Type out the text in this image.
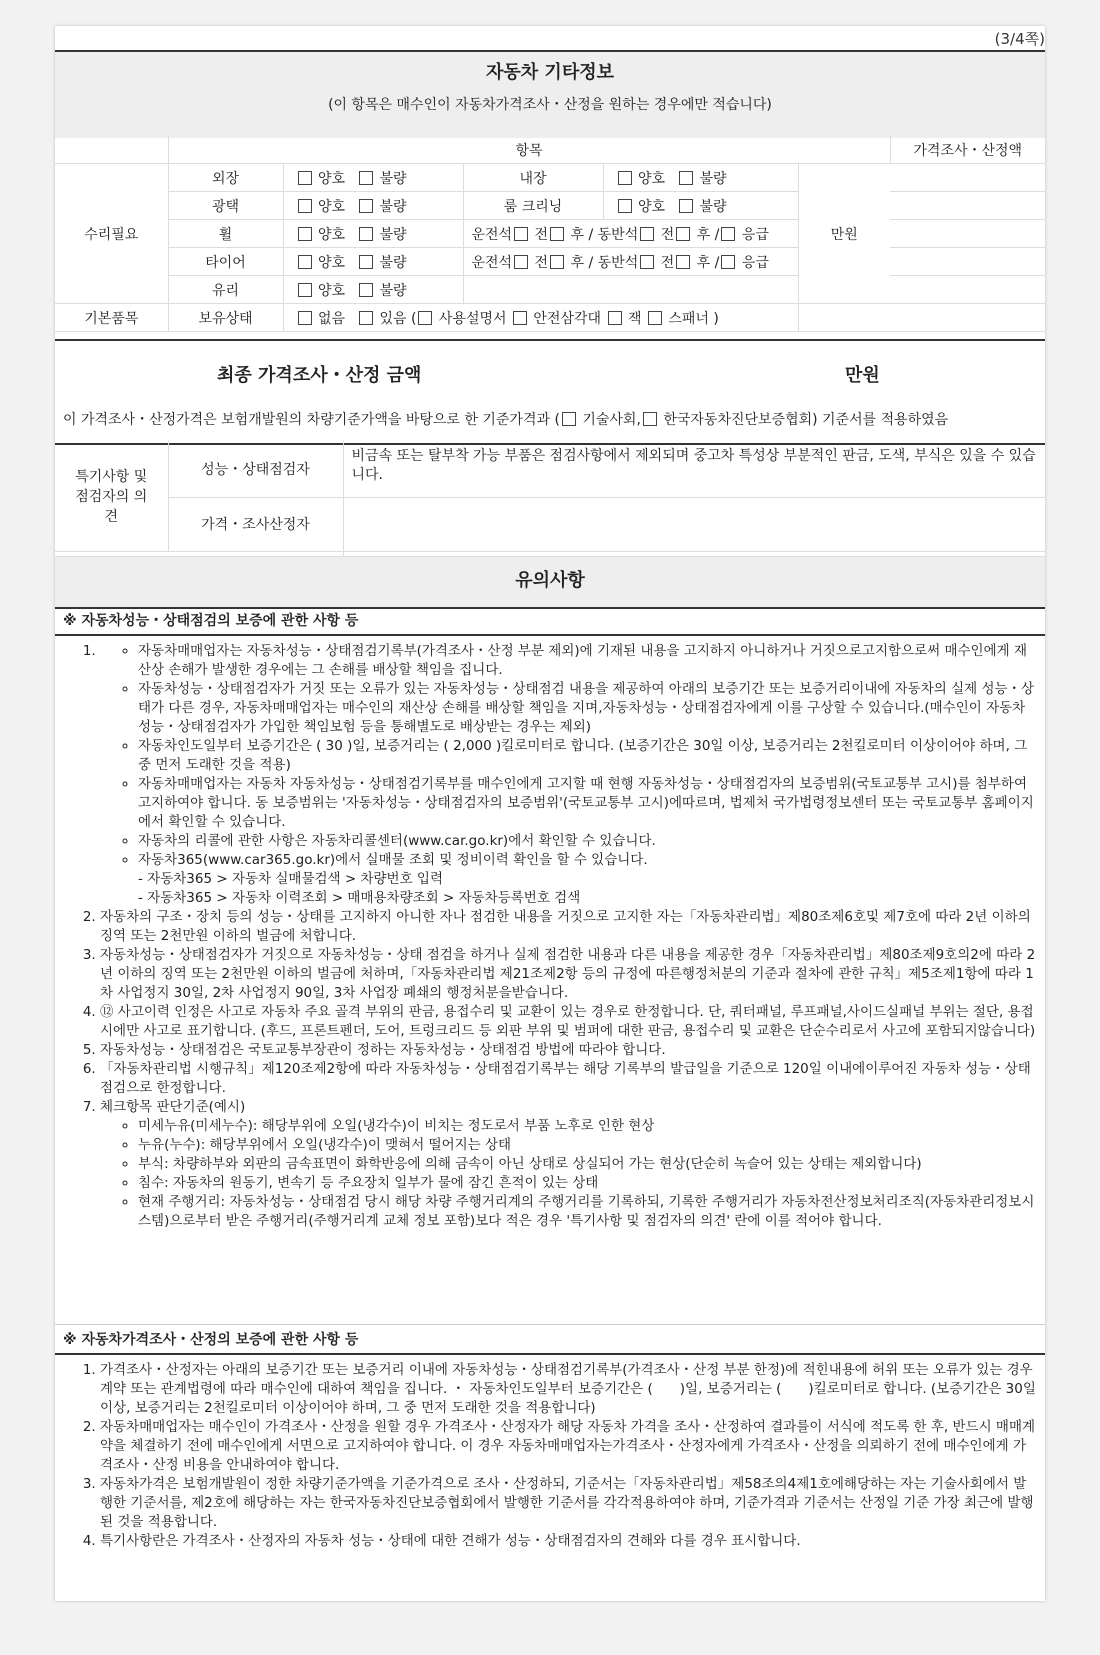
(3/4쪽)
자동차 기타정보
(이 항목은 매수인이 자동차가격조사・산정을 원하는 경우에만 적습니다)
	항목					가격조사・산정액
수리필요	외장	양호 불량	내장	양호 불량	만원	
	광택	양호 불량	룸 크리닝	양호 불량		
	휠	양호 불량	운전석 전 후 / 동반석 전 후 / 응급			
	타이어	양호 불량	운전석 전 후 / 동반석 전 후 / 응급			
	유리	양호 불량				
기본품목	보유상태	없음 있음 ( 사용설명서 안전삼각대 잭 스패너 )				
최종 가격조사・산정 금액	만원
이 가격조사・산정가격은 보험개발원의 차량기준가액을 바탕으로 한 기준가격과 ( 기술사회, 한국자동차진단보증협회) 기준서를 적용하였음
특기사항 및 점검자의 의견	성능・상태점검자	비금속 또는 탈부착 가능 부품은 점검사항에서 제외되며 중고차 특성상 부분적인 판금, 도색, 부식은 있을 수 있습니다.
	가격・조사산정자	

유의사항
※ 자동차성능・상태점검의 보증에 관한 사항 등
◦ 1. 자동차매매업자는 자동차성능・상태점검기록부(가격조사・산정 부분 제외)에 기재된 내용을 고지하지 아니하거나 거짓으로고지함으로써 매수인에게 재산상 손해가 발생한 경우에는 그 손해를 배상할 책임을 집니다.
◦ 자동차성능・상태점검자가 거짓 또는 오류가 있는 자동차성능・상태점검 내용을 제공하여 아래의 보증기간 또는 보증거리이내에 자동차의 실제 성능・상태가 다른 경우, 자동차매매업자는 매수인의 재산상 손해를 배상할 책임을 지며,자동차성능・상태점검자에게 이를 구상할 수 있습니다.(매수인이 자동차성능・상태점검자가 가입한 책임보험 등을 통해별도로 배상받는 경우는 제외)
◦ 자동차인도일부터 보증기간은 ( 30 )일, 보증거리는 ( 2,000 )킬로미터로 합니다. (보증기간은 30일 이상, 보증거리는 2천킬로미터 이상이어야 하며, 그 중 먼저 도래한 것을 적용)
◦ 자동차매매업자는 자동차 자동차성능・상태점검기록부를 매수인에게 고지할 때 현행 자동차성능・상태점검자의 보증범위(국토교통부 고시)를 첨부하여 고지하여야 합니다. 동 보증범위는 '자동차성능・상태점검자의 보증범위'(국토교통부 고시)에따르며, 법제처 국가법령정보센터 또는 국토교통부 홈페이지에서 확인할 수 있습니다.
◦ 자동차의 리콜에 관한 사항은 자동차리콜센터(www.car.go.kr)에서 확인할 수 있습니다.
◦ 자동차365(www.car365.go.kr)에서 실매물 조회 및 정비이력 확인을 할 수 있습니다.
- 자동차365 > 자동차 실매물검색 > 차량번호 입력
- 자동차365 > 자동차 이력조회 > 매매용차량조회 > 자동차등록번호 검색
2. 자동차의 구조・장치 등의 성능・상태를 고지하지 아니한 자나 점검한 내용을 거짓으로 고지한 자는「자동차관리법」제80조제6호및 제7호에 따라 2년 이하의 징역 또는 2천만원 이하의 벌금에 처합니다.
3. 자동차성능・상태점검자가 거짓으로 자동차성능・상태 점검을 하거나 실제 점검한 내용과 다른 내용을 제공한 경우「자동차관리법」제80조제9호의2에 따라 2년 이하의 징역 또는 2천만원 이하의 벌금에 처하며,「자동차관리법 제21조제2항 등의 규정에 따른행정처분의 기준과 절차에 관한 규칙」제5조제1항에 따라 1차 사업정지 30일, 2차 사업정지 90일, 3차 사업장 폐쇄의 행정처분을받습니다.
4. ⑫ 사고이력 인정은 사고로 자동차 주요 골격 부위의 판금, 용접수리 및 교환이 있는 경우로 한정합니다. 단, 쿼터패널, 루프패널,사이드실패널 부위는 절단, 용접 시에만 사고로 표기합니다. (후드, 프론트펜더, 도어, 트렁크리드 등 외판 부위 및 범퍼에 대한 판금, 용접수리 및 교환은 단순수리로서 사고에 포함되지않습니다)
5. 자동차성능・상태점검은 국토교통부장관이 정하는 자동차성능・상태점검 방법에 따라야 합니다.
6. 「자동차관리법 시행규칙」제120조제2항에 따라 자동차성능・상태점검기록부는 해당 기록부의 발급일을 기준으로 120일 이내에이루어진 자동차 성능・상태점검으로 한정합니다.
7. 체크항목 판단기준(예시)
◦ 미세누유(미세누수): 해당부위에 오일(냉각수)이 비치는 정도로서 부품 노후로 인한 현상
◦ 누유(누수): 해당부위에서 오일(냉각수)이 맺혀서 떨어지는 상태
◦ 부식: 차량하부와 외판의 금속표면이 화학반응에 의해 금속이 아닌 상태로 상실되어 가는 현상(단순히 녹슬어 있는 상태는 제외합니다)
◦ 침수: 자동차의 원동기, 변속기 등 주요장치 일부가 물에 잠긴 흔적이 있는 상태
◦ 현재 주행거리: 자동차성능・상태점검 당시 해당 차량 주행거리계의 주행거리를 기록하되, 기록한 주행거리가 자동차전산정보처리조직(자동차관리정보시스템)으로부터 받은 주행거리(주행거리계 교체 정보 포함)보다 적은 경우 '특기사항 및 점검자의 의견' 란에 이를 적어야 합니다.
※ 자동차가격조사・산정의 보증에 관한 사항 등
1. 가격조사・산정자는 아래의 보증기간 또는 보증거리 이내에 자동차성능・상태점검기록부(가격조사・산정 부분 한정)에 적힌내용에 허위 또는 오류가 있는 경우 계약 또는 관계법령에 따라 매수인에 대하여 책임을 집니다. ・ 자동차인도일부터 보증기간은 (　　)일, 보증거리는 (　　)킬로미터로 합니다. (보증기간은 30일 이상, 보증거리는 2천킬로미터 이상이어야 하며, 그 중 먼저 도래한 것을 적용합니다)
2. 자동차매매업자는 매수인이 가격조사・산정을 원할 경우 가격조사・산정자가 해당 자동차 가격을 조사・산정하여 결과를이 서식에 적도록 한 후, 반드시 매매계약을 체결하기 전에 매수인에게 서면으로 고지하여야 합니다. 이 경우 자동차매매업자는가격조사・산정자에게 가격조사・산정을 의뢰하기 전에 매수인에게 가격조사・산정 비용을 안내하여야 합니다.
3. 자동차가격은 보험개발원이 정한 차량기준가액을 기준가격으로 조사・산정하되, 기준서는「자동차관리법」제58조의4제1호에해당하는 자는 기술사회에서 발행한 기준서를, 제2호에 해당하는 자는 한국자동차진단보증협회에서 발행한 기준서를 각각적용하여야 하며, 기준가격과 기준서는 산정일 기준 가장 최근에 발행된 것을 적용합니다.
4. 특기사항란은 가격조사・산정자의 자동차 성능・상태에 대한 견해가 성능・상태점검자의 견해와 다를 경우 표시합니다.
